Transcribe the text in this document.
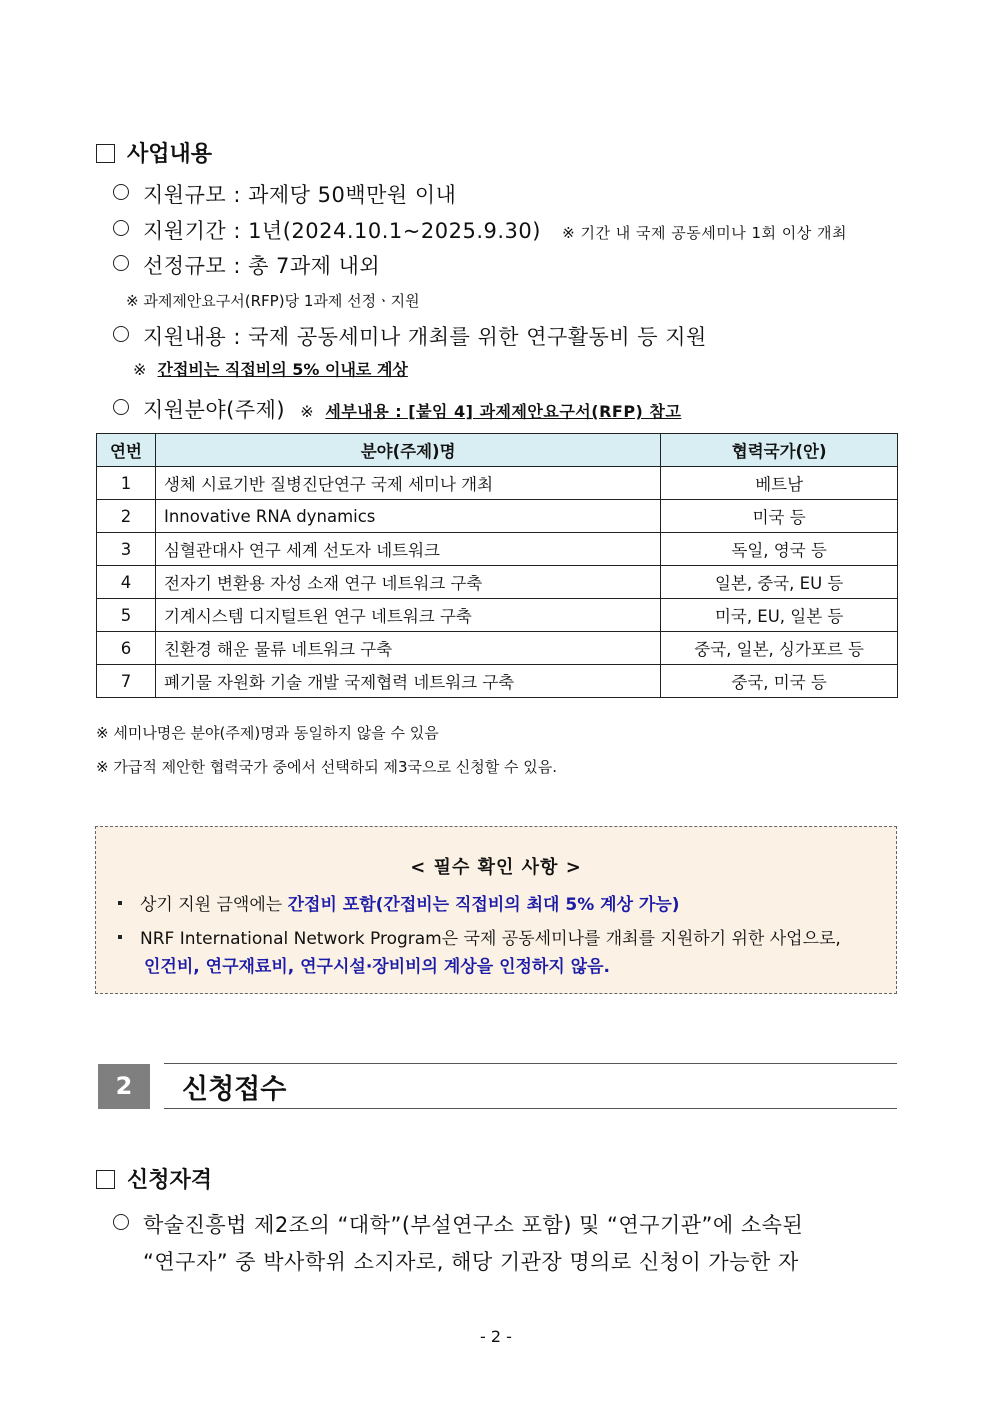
사업내용
지원규모 : 과제당 50백만원 이내
지원기간 : 1년(2024.10.1~2025.9.30) ※ 기간 내 국제 공동세미나 1회 이상 개최
선정규모 : 총 7과제 내외
※ 과제제안요구서(RFP)당 1과제 선정ㆍ지원
지원내용 : 국제 공동세미나 개최를 위한 연구활동비 등 지원
※ 간접비는 직접비의 5% 이내로 계상
지원분야(주제) ※ 세부내용 : [붙임 4] 과제제안요구서(RFP) 참고
연번	분야(주제)명	협력국가(안)
1	생체 시료기반 질병진단연구 국제 세미나 개최	베트남
2	Innovative RNA dynamics	미국 등
3	심혈관대사 연구 세계 선도자 네트워크	독일, 영국 등
4	전자기 변환용 자성 소재 연구 네트워크 구축	일본, 중국, EU 등
5	기계시스템 디지털트윈 연구 네트워크 구축	미국, EU, 일본 등
6	친환경 해운 물류 네트워크 구축	중국, 일본, 싱가포르 등
7	폐기물 자원화 기술 개발 국제협력 네트워크 구축	중국, 미국 등
※ 세미나명은 분야(주제)명과 동일하지 않을 수 있음
※ 가급적 제안한 협력국가 중에서 선택하되 제3국으로 신청할 수 있음.
< 필수 확인 사항 >
상기 지원 금액에는 간접비 포함(간접비는 직접비의 최대 5% 계상 가능)
NRF International Network Program은 국제 공동세미나를 개최를 지원하기 위한 사업으로,
인건비, 연구재료비, 연구시설·장비비의 계상을 인정하지 않음.
2	신청접수
신청자격
학술진흥법 제2조의 “대학”(부설연구소 포함) 및 “연구기관”에 소속된
“연구자” 중 박사학위 소지자로, 해당 기관장 명의로 신청이 가능한 자
- 2 -
